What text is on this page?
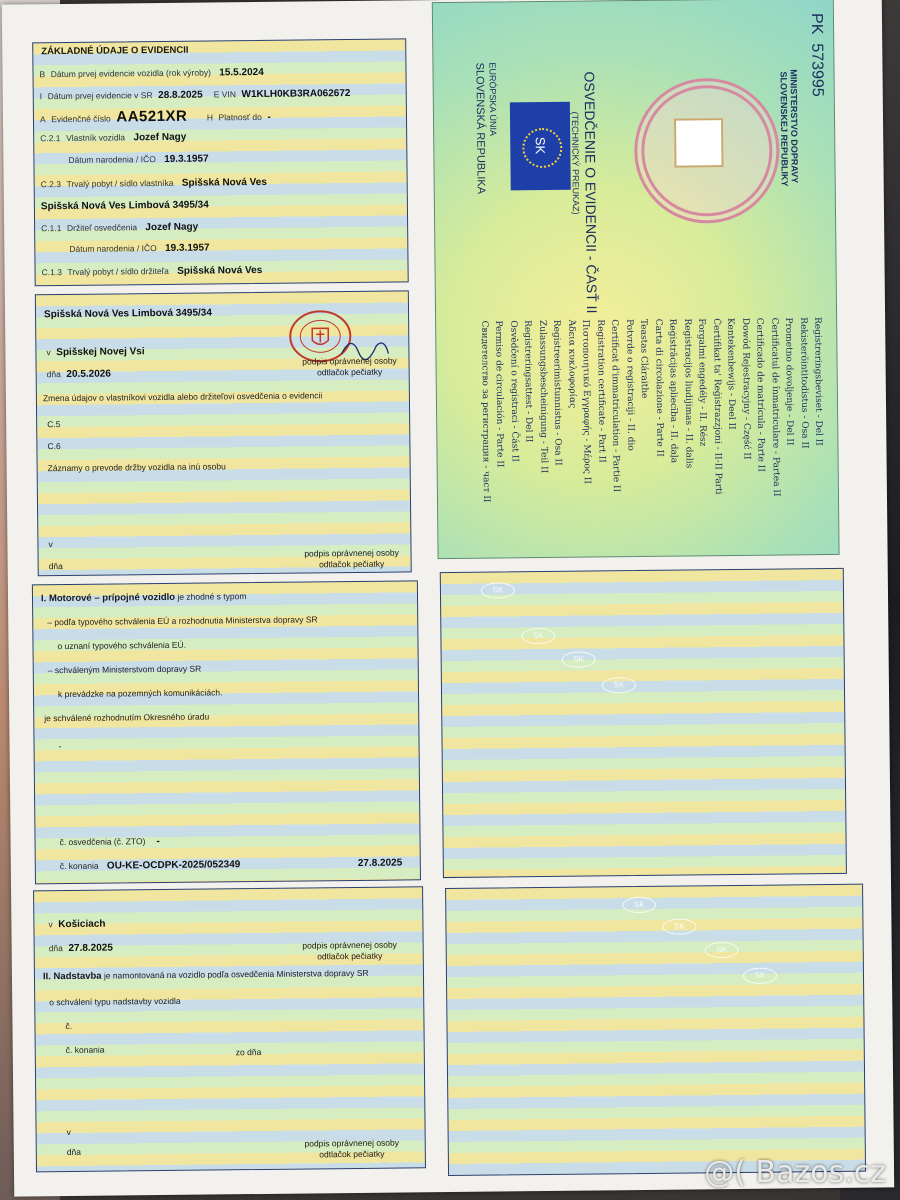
ZÁKLADNÉ ÚDAJE O EVIDENCII
B Dátum prvej evidencie vozidla (rok výroby) 15.5.2024
I Dátum prvej evidencie v SR 28.8.2025 E VIN W1KLH0KB3RA062672
A Evidenčné číslo AA521XR H Platnosť do -
C.2.1 Vlastník vozidla Jozef Nagy
Dátum narodenia / IČO 19.3.1957
C.2.3 Trvalý pobyt / sídlo vlastníka Spišská Nová Ves
Spišská Nová Ves Limbová 3495/34
C.1.1 Držiteľ osvedčenia Jozef Nagy
Dátum narodenia / IČO 19.3.1957
C.1.3 Trvalý pobyt / sídlo držiteľa Spišská Nová Ves
Spišská Nová Ves Limbová 3495/34
v Spišskej Novej Vsi
dňa 20.5.2026
podpis oprávnenej osoby
odtlačok pečiatky
Zmena údajov o vlastníkovi vozidla alebo držiteľovi osvedčenia o evidencii
C.5
C.6
Záznamy o prevode držby vozidla na inú osobu
v
dňa
podpis oprávnenej osoby
odtlačok pečiatky
PK  573995
MINISTERSTVO DOPRAVY
SLOVENSKEJ REPUBLIKY
SK
EURÓPSKA ÚNIA
SLOVENSKÁ REPUBLIKA	OSVEDČENIE O EVIDENCII - ČASŤ II
(TECHNICKÝ PREUKAZ)
Свидетелство за регистрация - част II Permiso de circulación - Parte II Osvědčení o registraci - Část II Registreringsattest - Del II Zulassungsbescheinigung - Teil II Registreerimistunnistus - Osa II Άδεια κυκλοφορίας Πιστοποιητικό Εγγραφής - Μέρος II Registration certificate - Part II Certificat d'immatriculation - Partie II Potvrde o registraciji - II. dio Teastas Cláraithe Carta di circolazione - Parte II Reģistrācijas apliecība - II. daļa Registracijos liudijimas - II. dalis Forgalmi engedély - II. Rész Ċertifikat ta' Reġistrazzjoni - II-II Parti Kentekenbewijs - Deel II Dowód Rejestracyjny - Część II Certificado de matrícula - Parte II Certificatul de înmatriculare - Partea II Prometno dovoljenje - Del II Rekisteröintitodistus - Osa II Registreringsbeviset - Del II
I. Motorové – prípojné vozidlo je zhodné s typom
– podľa typového schválenia EÚ a rozhodnutia Ministerstva dopravy SR
o uznaní typového schválenia EÚ.
– schváleným Ministerstvom dopravy SR
k prevádzke na pozemných komunikáciách.
je schválené rozhodnutím Okresného úradu
-
č. osvedčenia (č. ZTO) -
č. konania OU-KE-OCDPK-2025/052349	27.8.2025
v Košiciach
dňa 27.8.2025	podpis oprávnenej osoby
odtlačok pečiatky
II. Nadstavba je namontovaná na vozidlo podľa osvedčenia Ministerstva dopravy SR
o schválení typu nadstavby vozidla
č.
č. konania	zo dňa
v
dňa
podpis oprávnenej osoby
odtlačok pečiatky
SK
SK
SK
SK
SK
SK
SK
SK
@( Bazos.cz
